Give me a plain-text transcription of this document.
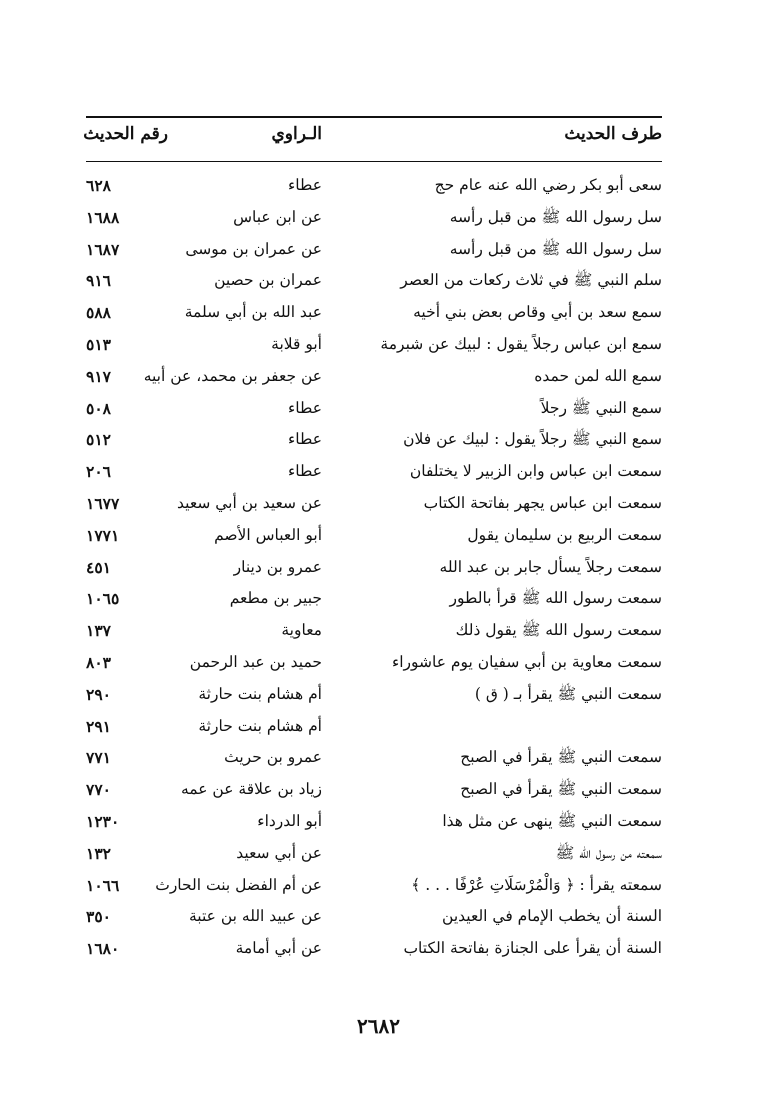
طرف الحديث
الـراوي
رقم الحديث
سعى أبو بكر رضي الله عنه عام حج
عطاء
٦٢٨
سل رسول الله ﷺ من قبل رأسه
عن ابن عباس
١٦٨٨
سل رسول الله ﷺ من قبل رأسه
عن عمران بن موسى
١٦٨٧
سلم النبي ﷺ في ثلاث ركعات من العصر
عمران بن حصين
٩١٦
سمع سعد بن أبي وقاص بعض بني أخيه
عبد الله بن أبي سلمة
٥٨٨
سمع ابن عباس رجلاً يقول : لبيك عن شبرمة
أبو قلابة
٥١٣
سمع الله لمن حمده
عن جعفر بن محمد، عن أبيه
٩١٧
سمع النبي ﷺ رجلاً
عطاء
٥٠٨
سمع النبي ﷺ رجلاً يقول : لبيك عن فلان
عطاء
٥١٢
سمعت ابن عباس وابن الزبير لا يختلفان
عطاء
٢٠٦
سمعت ابن عباس يجهر بفاتحة الكتاب
عن سعيد بن أبي سعيد
١٦٧٧
سمعت الربيع بن سليمان يقول
أبو العباس الأصم
١٧٧١
سمعت رجلاً يسأل جابر بن عبد الله
عمرو بن دينار
٤٥١
سمعت رسول الله ﷺ قرأ بالطور
جبير بن مطعم
١٠٦٥
سمعت رسول الله ﷺ يقول ذلك
معاوية
١٣٧
سمعت معاوية بن أبي سفيان يوم عاشوراء
حميد بن عبد الرحمن
٨٠٣
سمعت النبي ﷺ يقرأ بـ ( ق )
أم هشام بنت حارثة
٢٩٠
أم هشام بنت حارثة
٢٩١
سمعت النبي ﷺ يقرأ في الصبح
عمرو بن حريث
٧٧١
سمعت النبي ﷺ يقرأ في الصبح
زياد بن علاقة عن عمه
٧٧٠
سمعت النبي ﷺ ينهى عن مثل هذا
أبو الدرداء
١٢٣٠
سمعته من رسول الله ﷺ
عن أبي سعيد
١٣٢
سمعته يقرأ : ﴿ وَالْمُرْسَلَاتِ عُرْفًا . . . ﴾
عن أم الفضل بنت الحارث
١٠٦٦
السنة أن يخطب الإمام في العيدين
عن عبيد الله بن عتبة
٣٥٠
السنة أن يقرأ على الجنازة بفاتحة الكتاب
عن أبي أمامة
١٦٨٠
٢٦٨٢
